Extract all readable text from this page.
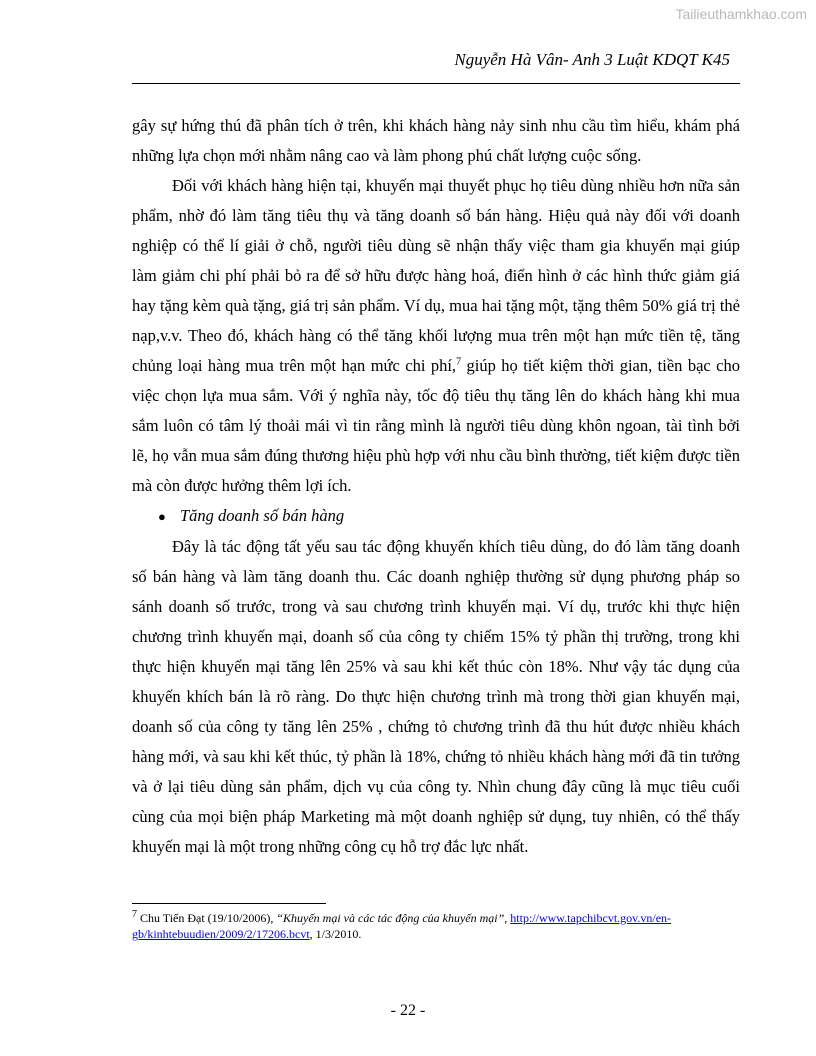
Tailieuthamkhao.com
Nguyễn Hà Vân- Anh 3 Luật KDQT K45

gây sự hứng thú đã phân tích ở trên, khi khách hàng nảy sinh nhu cầu tìm hiểu, khám phá những lựa chọn mới nhằm nâng cao và làm phong phú chất lượng cuộc sống.

Đối với khách hàng hiện tại, khuyến mại thuyết phục họ tiêu dùng nhiều hơn nữa sản phẩm, nhờ đó làm tăng tiêu thụ và tăng doanh số bán hàng. Hiệu quả này đối với doanh nghiệp có thể lí giải ở chỗ, người tiêu dùng sẽ nhận thấy việc tham gia khuyến mại giúp làm giảm chi phí phải bỏ ra để sở hữu được hàng hoá, điển hình ở các hình thức giảm giá hay tặng kèm quà tặng, giá trị sản phẩm. Ví dụ, mua hai tặng một, tặng thêm 50% giá trị thẻ nạp,v.v. Theo đó, khách hàng có thể tăng khối lượng mua trên một hạn mức tiền tệ, tăng chủng loại hàng mua trên một hạn mức chi phí,$^7$ giúp họ tiết kiệm thời gian, tiền bạc cho việc chọn lựa mua sắm. Với ý nghĩa này, tốc độ tiêu thụ tăng lên do khách hàng khi mua sắm luôn có tâm lý thoải mái vì tin rằng mình là người tiêu dùng khôn ngoan, tài tình bởi lẽ, họ vẫn mua sắm đúng thương hiệu phù hợp với nhu cầu bình thường, tiết kiệm được tiền mà còn được hưởng thêm lợi ích.

● Tăng doanh số bán hàng

Đây là tác động tất yếu sau tác động khuyến khích tiêu dùng, do đó làm tăng doanh số bán hàng và làm tăng doanh thu. Các doanh nghiệp thường sử dụng phương pháp so sánh doanh số trước, trong và sau chương trình khuyến mại. Ví dụ, trước khi thực hiện chương trình khuyến mại, doanh số của công ty chiếm 15% tỷ phần thị trường, trong khi thực hiện khuyến mại tăng lên 25% và sau khi kết thúc còn 18%. Như vậy tác dụng của khuyến khích bán là rõ ràng. Do thực hiện chương trình mà trong thời gian khuyến mại, doanh số của công ty tăng lên 25% , chứng tỏ chương trình đã thu hút được nhiều khách hàng mới, và sau khi kết thúc, tỷ phần là 18%, chứng tỏ nhiều khách hàng mới đã tin tưởng và ở lại tiêu dùng sản phẩm, dịch vụ của công ty. Nhìn chung đây cũng là mục tiêu cuối cùng của mọi biện pháp Marketing mà một doanh nghiệp sử dụng, tuy nhiên, có thể thấy khuyến mại là một trong những công cụ hỗ trợ đắc lực nhất.

$^7$ Chu Tiến Đạt (19/10/2006), “Khuyến mại và các tác động của khuyến mại”, http://www.tapchibcvt.gov.vn/en-gb/kinhtebuudien/2009/2/17206.bcvt, 1/3/2010.
- 22 -
